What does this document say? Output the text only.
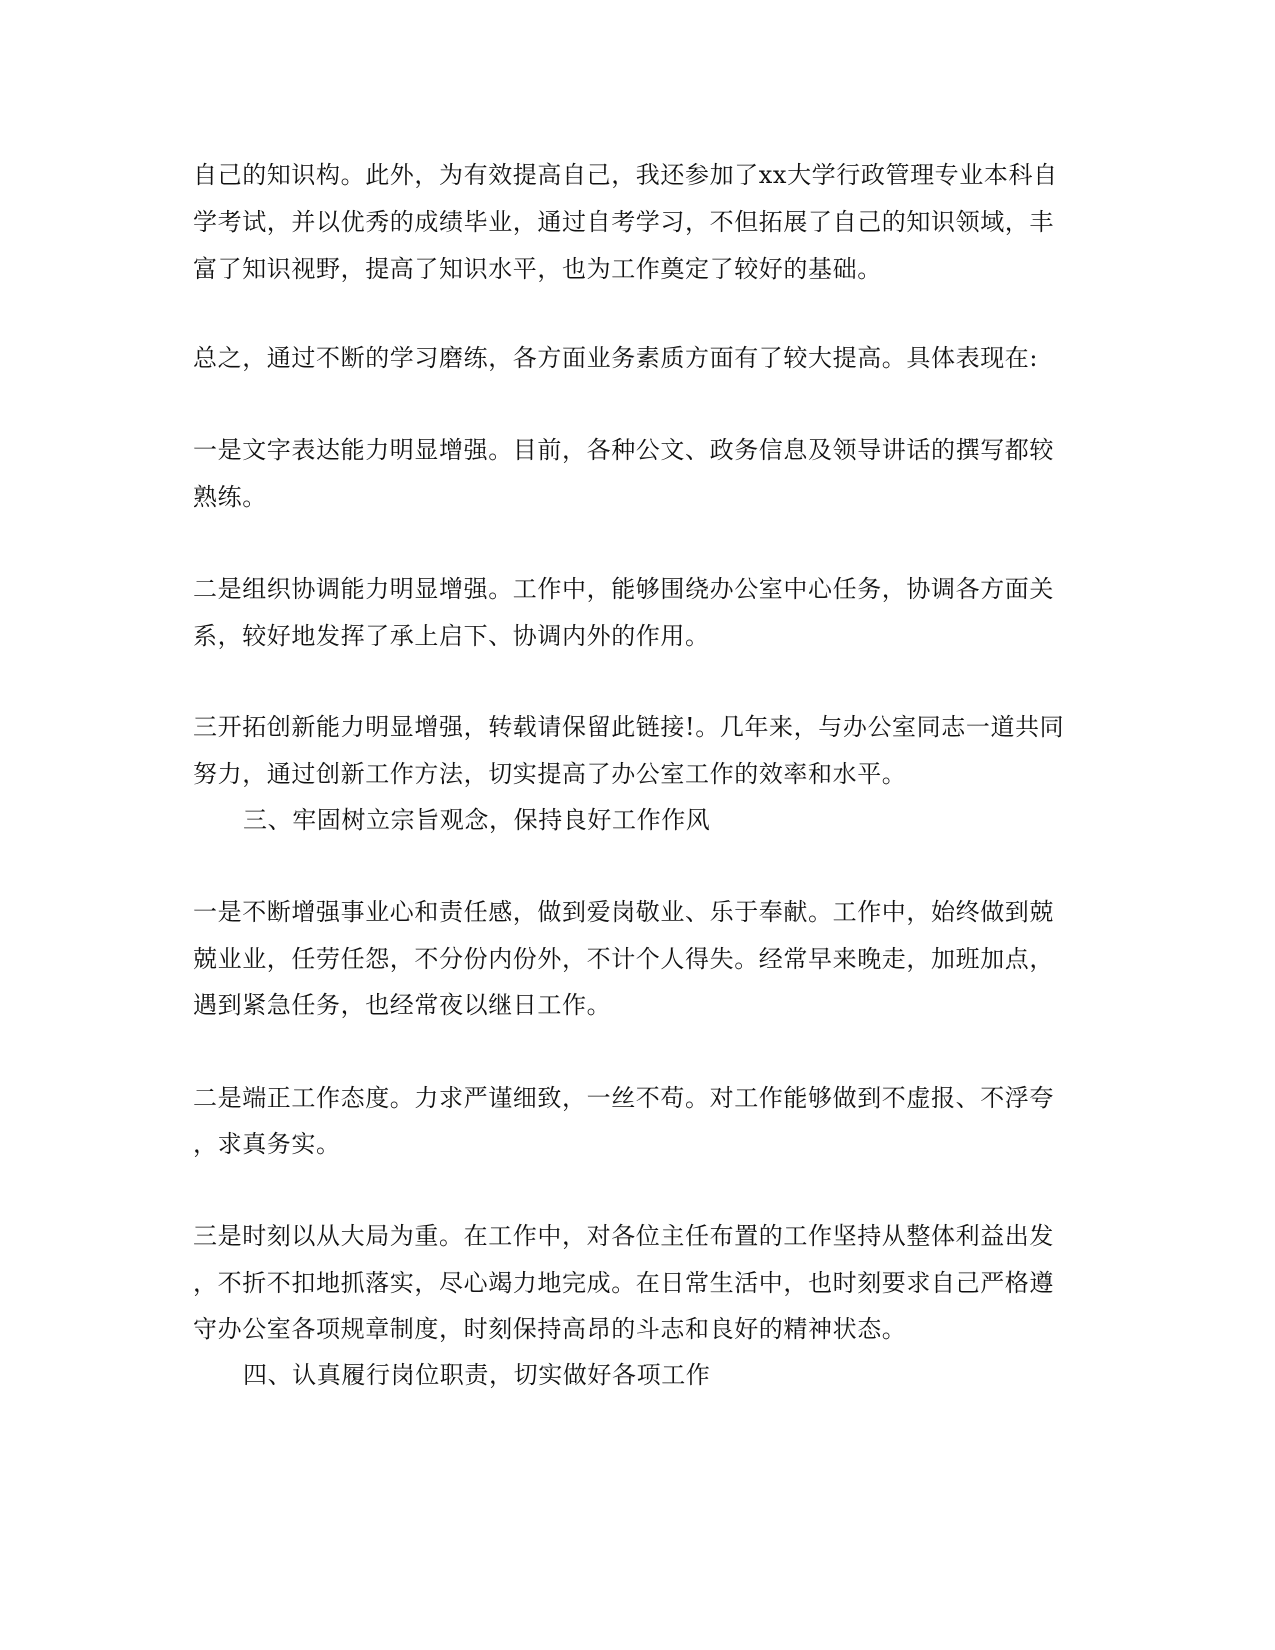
自己的知识构。此外，为有效提高自己，我还参加了xx大学行政管理专业本科自
学考试，并以优秀的成绩毕业，通过自考学习，不但拓展了自己的知识领域，丰
富了知识视野，提高了知识水平，也为工作奠定了较好的基础。
总之，通过不断的学习磨练，各方面业务素质方面有了较大提高。具体表现在:
一是文字表达能力明显增强。目前，各种公文、政务信息及领导讲话的撰写都较
熟练。
二是组织协调能力明显增强。工作中，能够围绕办公室中心任务，协调各方面关
系，较好地发挥了承上启下、协调内外的作用。
三开拓创新能力明显增强，转载请保留此链接!。几年来，与办公室同志一道共同
努力，通过创新工作方法，切实提高了办公室工作的效率和水平。
三、牢固树立宗旨观念，保持良好工作作风
一是不断增强事业心和责任感，做到爱岗敬业、乐于奉献。工作中，始终做到兢
兢业业，任劳任怨，不分份内份外，不计个人得失。经常早来晚走，加班加点，
遇到紧急任务，也经常夜以继日工作。
二是端正工作态度。力求严谨细致，一丝不苟。对工作能够做到不虚报、不浮夸
，求真务实。
三是时刻以从大局为重。在工作中，对各位主任布置的工作坚持从整体利益出发
，不折不扣地抓落实，尽心竭力地完成。在日常生活中，也时刻要求自己严格遵
守办公室各项规章制度，时刻保持高昂的斗志和良好的精神状态。
四、认真履行岗位职责，切实做好各项工作
